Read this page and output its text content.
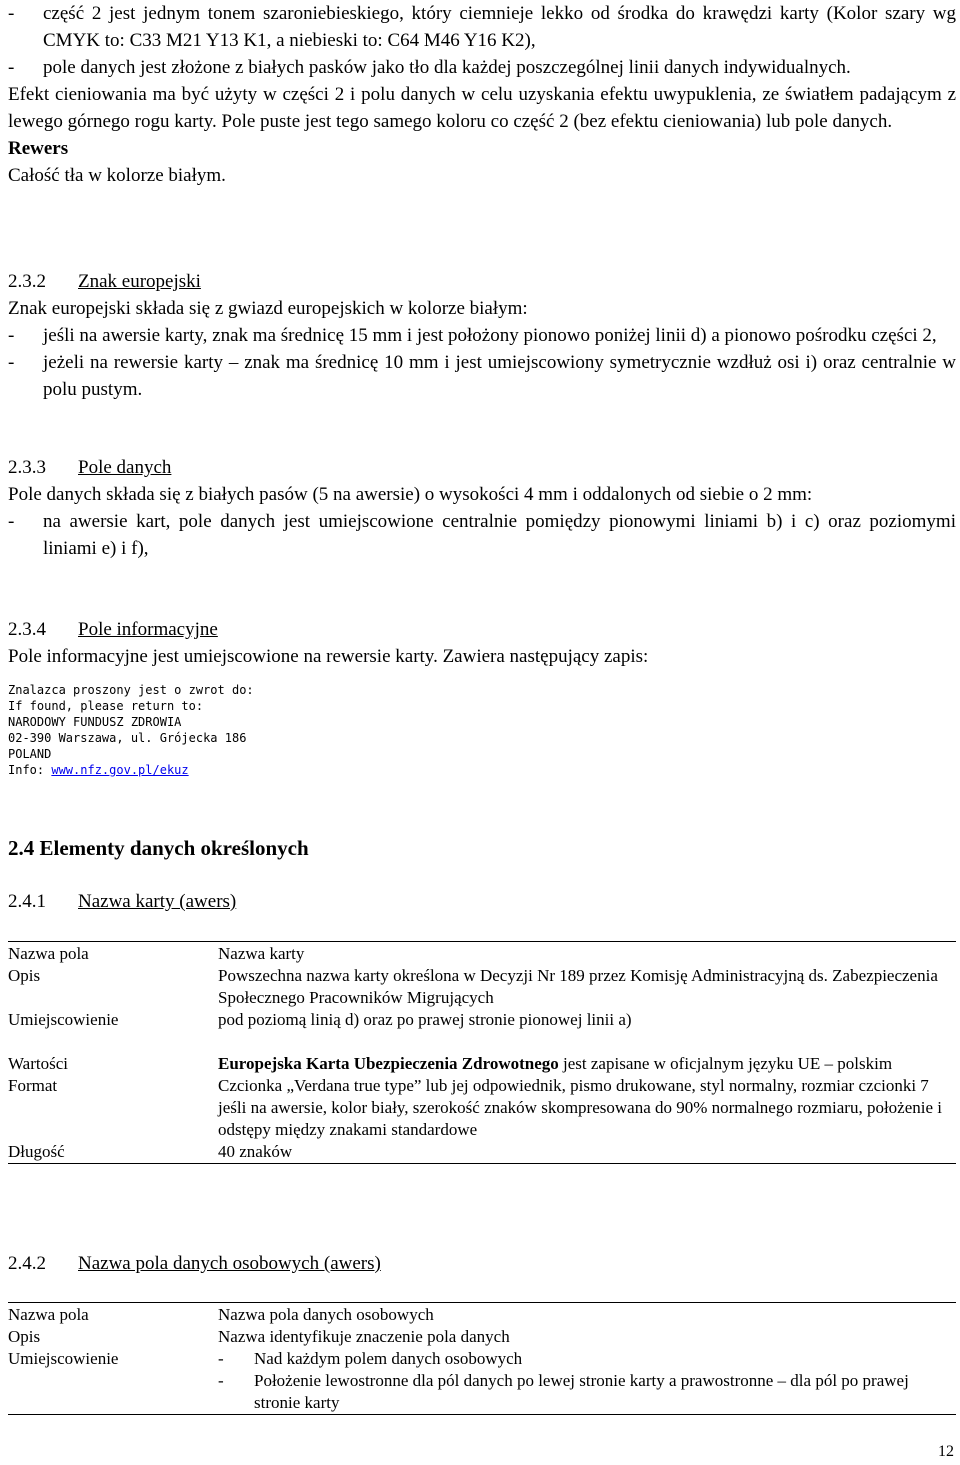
-	część 2 jest jednym tonem szaroniebieskiego, który ciemnieje lekko od środka do krawędzi karty (Kolor szary wg CMYK to: C33 M21 Y13 K1, a niebieski to: C64 M46 Y16 K2),
-	pole danych jest złożone z białych pasków jako tło dla każdej poszczególnej linii danych indywidualnych.
Efekt cieniowania ma być użyty w części 2 i polu danych w celu uzyskania efektu uwypuklenia, ze światłem padającym z lewego górnego rogu karty. Pole puste jest tego samego koloru co część 2 (bez efektu cieniowania) lub pole danych.
Rewers
Całość tła w kolorze białym.
2.3.2 Znak europejski
Znak europejski składa się z gwiazd europejskich w kolorze białym:
-	jeśli na awersie karty, znak ma średnicę 15 mm i jest położony pionowo poniżej linii d) a pionowo pośrodku części 2,
-	jeżeli na rewersie karty – znak ma średnicę 10 mm i jest umiejscowiony symetrycznie wzdłuż osi i) oraz centralnie w polu pustym.
2.3.3 Pole danych
Pole danych składa się z białych pasów (5 na awersie) o wysokości 4 mm i oddalonych od siebie o 2 mm:
-	na awersie kart, pole danych jest umiejscowione centralnie pomiędzy pionowymi liniami b) i c) oraz poziomymi liniami e) i f),
2.3.4 Pole informacyjne
Pole informacyjne jest umiejscowione na rewersie karty. Zawiera następujący zapis:
Znalazca proszony jest o zwrot do:
If found, please return to:
NARODOWY FUNDUSZ ZDROWIA
02-390 Warszawa, ul. Grójecka 186
POLAND
Info: www.nfz.gov.pl/ekuz
2.4 Elementy danych określonych
2.4.1 Nazwa karty (awers)
Nazwa pola	Nazwa karty
Opis	Powszechna nazwa karty określona w Decyzji Nr 189 przez Komisję Administracyjną ds. Zabezpieczenia Społecznego Pracowników Migrujących
Umiejscowienie	pod poziomą linią d) oraz po prawej stronie pionowej linii a)
Wartości	Europejska Karta Ubezpieczenia Zdrowotnego jest zapisane w oficjalnym języku UE – polskim
Format	Czcionka „Verdana true type” lub jej odpowiednik, pismo drukowane, styl normalny, rozmiar czcionki 7 jeśli na awersie, kolor biały, szerokość znaków skompresowana do 90% normalnego rozmiaru, położenie i odstępy między znakami standardowe
Długość	40 znaków
2.4.2 Nazwa pola danych osobowych (awers)
Nazwa pola	Nazwa pola danych osobowych
Opis	Nazwa identyfikuje znaczenie pola danych
Umiejscowienie	- Nad każdym polem danych osobowych
- Położenie lewostronne dla pól danych po lewej stronie karty a prawostronne – dla pól po prawej stronie karty
12
